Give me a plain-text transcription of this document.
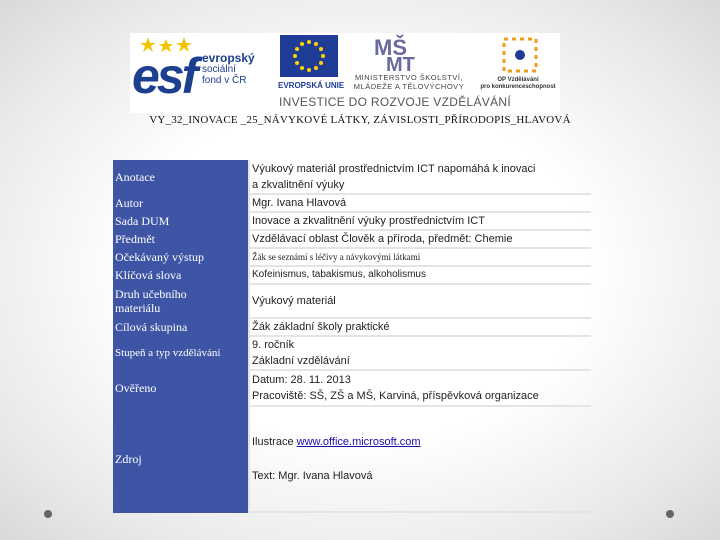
esf evropský
sociální
fond v ČR	EVROPSKÁ UNIE
MŠ
MT
MINISTERSTVO ŠKOLSTVÍ,
MLÁDEŽE A TĚLOVÝCHOVY
OP Vzdělávání
pro konkurenceschopnost
INVESTICE DO ROZVOJE VZDĚLÁVÁNÍ
VY_32_INOVACE _25_NÁVYKOVÉ LÁTKY, ZÁVISLOSTI_PŘÍRODOPIS_HLAVOVÁ
Anotace	Výukový materiál prostřednictvím ICT napomáhá k inovaci
a zkvalitnění výuky

Autor	Mgr. Ivana Hlavová
Sada DUM	Inovace a zkvalitnění výuky prostřednictvím ICT
Předmět	Vzdělávací oblast Člověk a příroda, předmět: Chemie
Očekávaný výstup	Žák se seznámí s léčivy a návykovými látkami
Klíčová slova	Kofeinismus, tabakismus, alkoholismus

Druh učebního
materiálu	Výukový materiál
Cílová skupina	Žák základní školy praktické
Stupeň a typ vzdělávání	9. ročník
Základní vzdělávání

Ověřeno	Datum: 28. 11. 2013
Pracoviště: SŠ, ZŠ a MŠ, Karviná, příspěvková organizace

Zdroj	Ilustrace www.office.microsoft.com
Text: Mgr. Ivana Hlavová
